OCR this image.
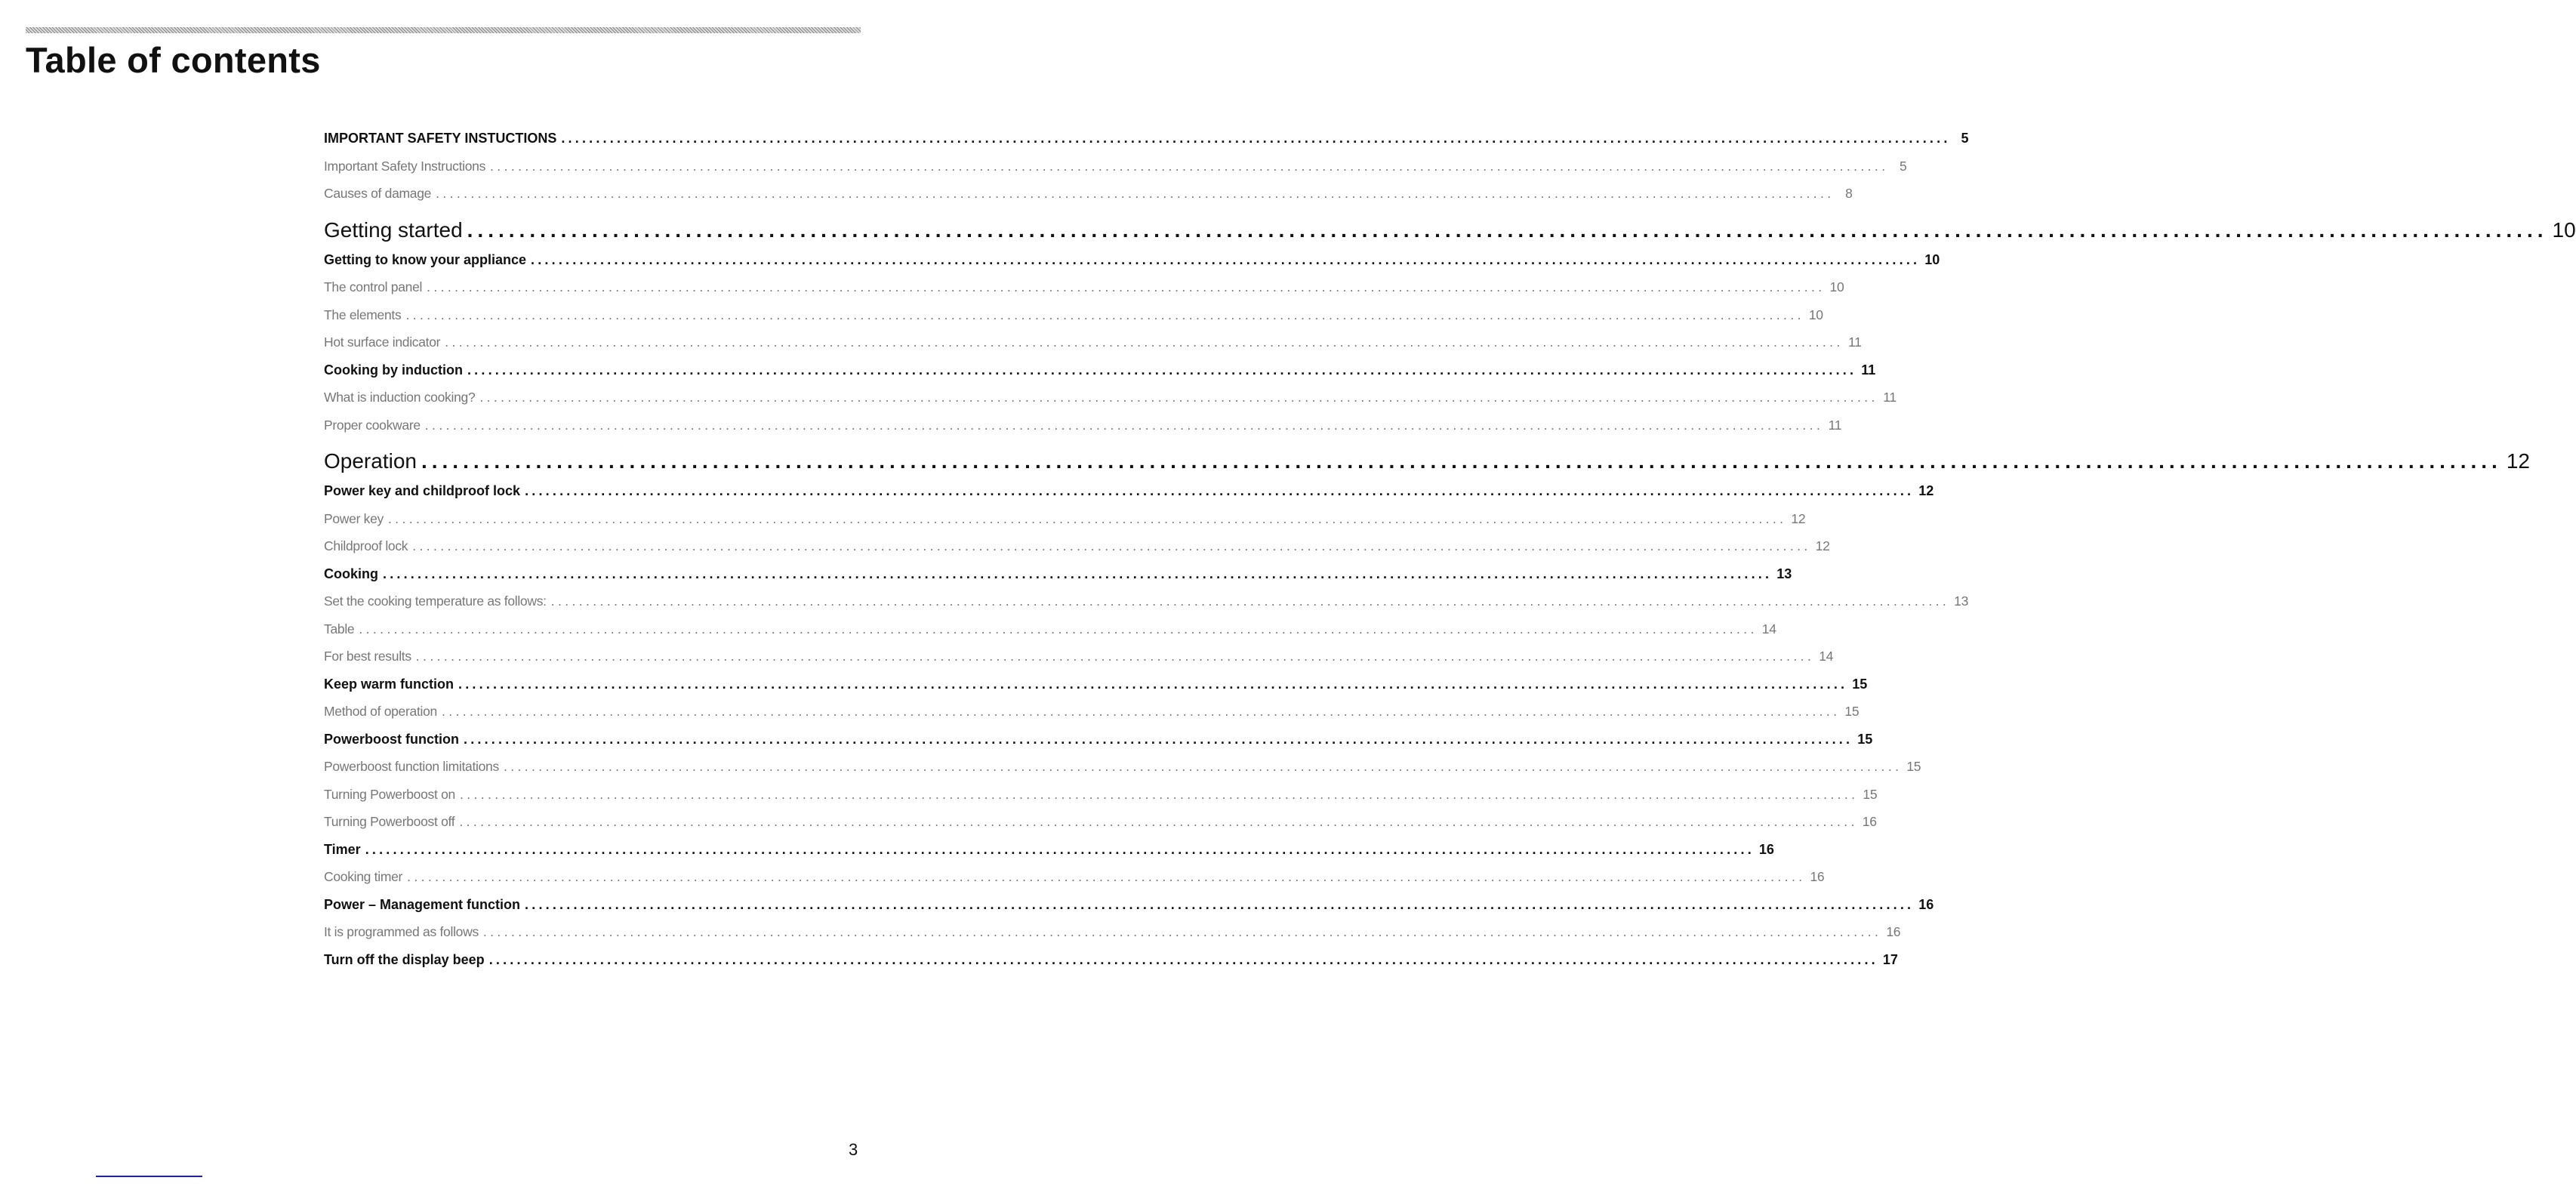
Table of contents
IMPORTANT SAFETY INSTUCTIONS ........................................................................................................................................................................................................ 5
Important Safety Instructions ........................................................................................................................................................................................................ 5
Causes of damage ........................................................................................................................................................................................................ 8
Getting started ........................................................................................................................................................................................................ 10
Getting to know your appliance ........................................................................................................................................................................................................ 10
The control panel ........................................................................................................................................................................................................ 10
The elements ........................................................................................................................................................................................................ 10
Hot surface indicator ........................................................................................................................................................................................................ 11
Cooking by induction ........................................................................................................................................................................................................ 11
What is induction cooking? ........................................................................................................................................................................................................ 11
Proper cookware ........................................................................................................................................................................................................ 11
Operation ........................................................................................................................................................................................................ 12
Power key and childproof lock ........................................................................................................................................................................................................ 12
Power key ........................................................................................................................................................................................................ 12
Childproof lock ........................................................................................................................................................................................................ 12
Cooking ........................................................................................................................................................................................................ 13
Set the cooking temperature as follows: ........................................................................................................................................................................................................ 13
Table ........................................................................................................................................................................................................ 14
For best results ........................................................................................................................................................................................................ 14
Keep warm function ........................................................................................................................................................................................................ 15
Method of operation ........................................................................................................................................................................................................ 15
Powerboost function ........................................................................................................................................................................................................ 15
Powerboost function limitations ........................................................................................................................................................................................................ 15
Turning Powerboost on ........................................................................................................................................................................................................ 15
Turning Powerboost off ........................................................................................................................................................................................................ 16
Timer ........................................................................................................................................................................................................ 16
Cooking timer ........................................................................................................................................................................................................ 16
Power – Management function ........................................................................................................................................................................................................ 16
It is programmed as follows ........................................................................................................................................................................................................ 16
Turn off the display beep ........................................................................................................................................................................................................ 17
3
